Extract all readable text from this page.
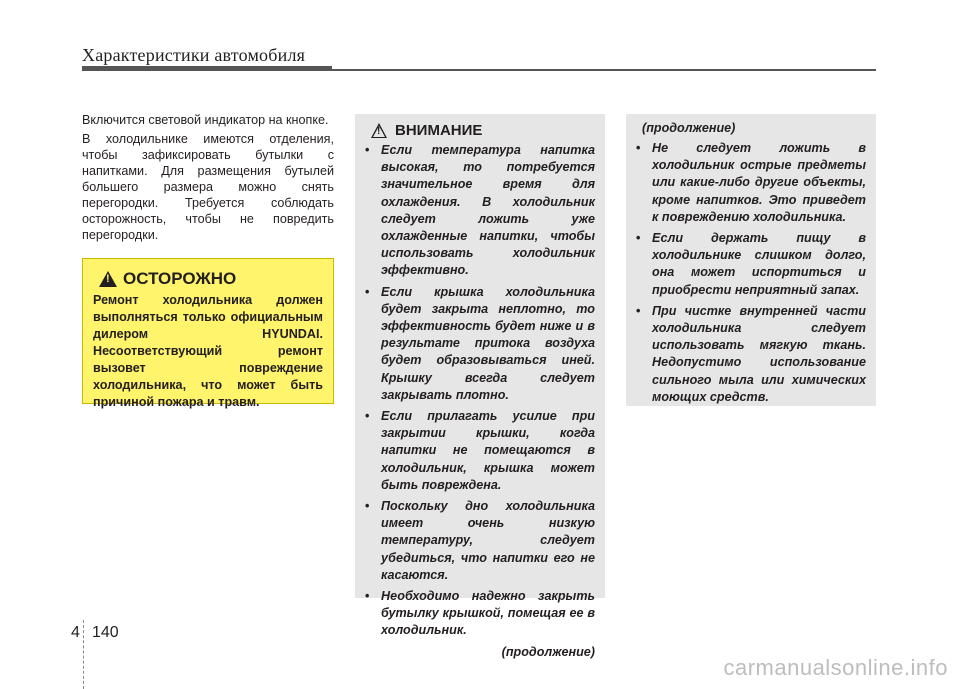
Характеристики автомобиля

Включится световой индикатор на кнопке.

В холодильнике имеются отделения, чтобы зафиксировать бутылки с напитками. Для размещения бутылей большего размера можно снять перегородки. Требуется соблюдать осторожность, чтобы не повредить перегородки.

!
ОСТОРОЖНО
Ремонт холодильника должен выполняться только официальным дилером HYUNDAI. Несоответствующий ремонт вызовет повреждение холодильника, что может быть причиной пожара и травм.
!
ВНИМАНИЕ
• Если температура напитка высокая, то потребуется значительное время для охлаждения. В холодильник следует ложить уже охлажденные напитки, чтобы использовать холодильник эффективно.
• Если крышка холодильника будет закрыта неплотно, то эффективность будет ниже и в результате притока воздуха будет образовываться иней. Крышку всегда следует закрывать плотно.
• Если прилагать усилие при закрытии крышки, когда напитки не помещаются в холодильник, крышка может быть повреждена.
• Поскольку дно холодильника имеет очень низкую температуру, следует убедиться, что напитки его не касаются.
• Необходимо надежно закрыть бутылку крышкой, помещая ее в холодильник.
(продолжение)
(продолжение)
• Не следует ложить в холодильник острые предметы или какие-либо другие объекты, кроме напитков. Это приведет к повреждению холодильника.
• Если держать пищу в холодильнике слишком долго, она может испортиться и приобрести неприятный запах.
• При чистке внутренней части холодильника следует использовать мягкую ткань. Недопустимо использование сильного мыла или химических моющих средств.
4 140
carmanualsonline.info
